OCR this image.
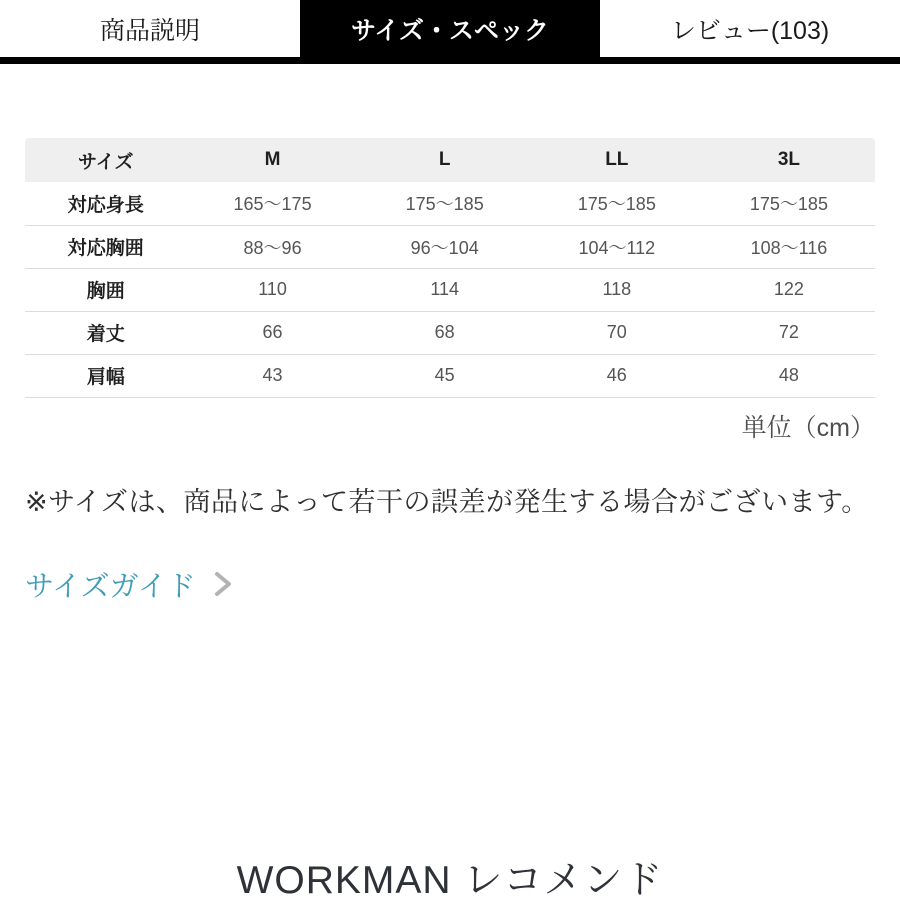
商品説明	サイズ・スペック	レビュー(103)
サイズ	M	L	LL	3L
対応身長	165〜175	175〜185	175〜185	175〜185
対応胸囲	88〜96	96〜104	104〜112	108〜116
胸囲	110	114	118	122
着丈	66	68	70	72
肩幅	43	45	46	48
単位（cm）

※サイズは、商品によって若干の誤差が発生する場合がございます。

サイズガイド
WORKMAN レコメンド
